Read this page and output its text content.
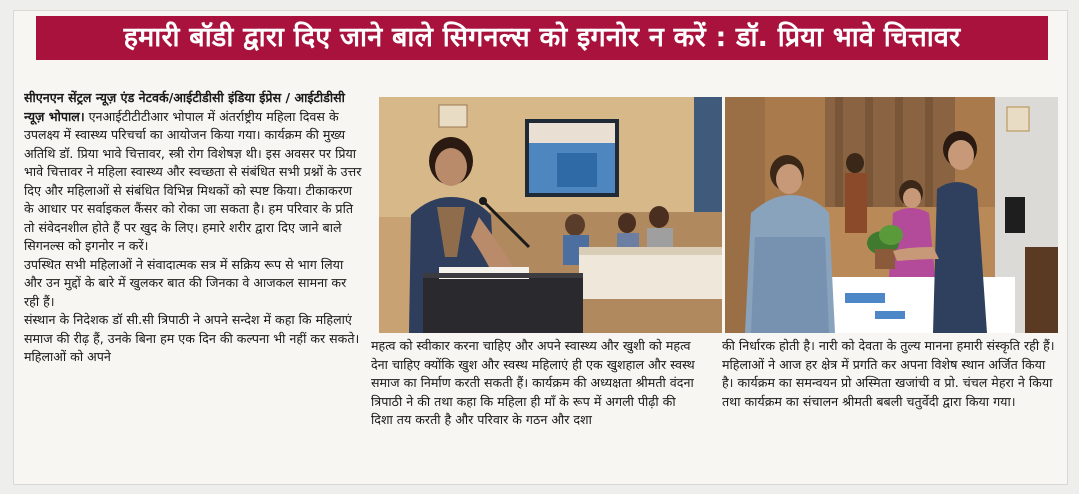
हमारी बॉडी द्वारा दिए जाने बाले सिगनल्स को इगनोर न करें : डॉ. प्रिया भावे चित्तावर

सीएनएन सेंट्रल न्यूज़ एंड नेटवर्क/आईटीडीसी इंडिया ईप्रेस / आईटीडीसी न्यूज़ भोपाल। एनआईटीटीटीआर भोपाल में अंतर्राष्ट्रीय महिला दिवस के उपलक्ष्य में स्वास्थ्य परिचर्चा का आयोजन किया गया। कार्यक्रम की मुख्य अतिथि डॉ. प्रिया भावे चित्तावर, स्त्री रोग विशेषज्ञ थी। इस अवसर पर प्रिया भावे चित्तावर ने महिला स्वास्थ्य और स्वच्छता से संबंधित सभी प्रश्नों के उत्तर दिए और महिलाओं से संबंधित विभिन्न मिथकों को स्पष्ट किया। टीकाकरण के आधार पर सर्वाइकल कैंसर को रोका जा सकता है। हम परिवार के प्रति तो संवेदनशील होते हैं पर खुद के लिए। हमारे शरीर द्वारा दिए जाने बाले सिगनल्स को इगनोर न करें।

उपस्थित सभी महिलाओं ने संवादात्मक सत्र में सक्रिय रूप से भाग लिया और उन मुद्दों के बारे में खुलकर बात की जिनका वे आजकल सामना कर रही हैं।

संस्थान के निदेशक डॉ सी.सी त्रिपाठी ने अपने सन्देश में कहा कि महिलाएं समाज की रीढ़ हैं, उनके बिना हम एक दिन की कल्पना भी नहीं कर सकते। महिलाओं को अपने

महत्व को स्वीकार करना चाहिए और अपने स्वास्थ्य और खुशी को महत्व देना चाहिए क्योंकि खुश और स्वस्थ महिलाएं ही एक खुशहाल और स्वस्थ समाज का निर्माण करती सकती हैं। कार्यक्रम की अध्यक्षता श्रीमती वंदना त्रिपाठी ने की तथा कहा कि महिला ही माँ के रूप में अगली पीढ़ी की दिशा तय करती है और परिवार के गठन और दशा

की निर्धारक होती है। नारी को देवता के तुल्य मानना हमारी संस्कृति रही हैं। महिलाओं ने आज हर क्षेत्र में प्रगति कर अपना विशेष स्थान अर्जित किया है। कार्यक्रम का समन्वयन प्रो अस्मिता खजांची व प्रो. चंचल मेहरा ने किया तथा कार्यक्रम का संचालन श्रीमती बबली चतुर्वेदी द्वारा किया गया।
